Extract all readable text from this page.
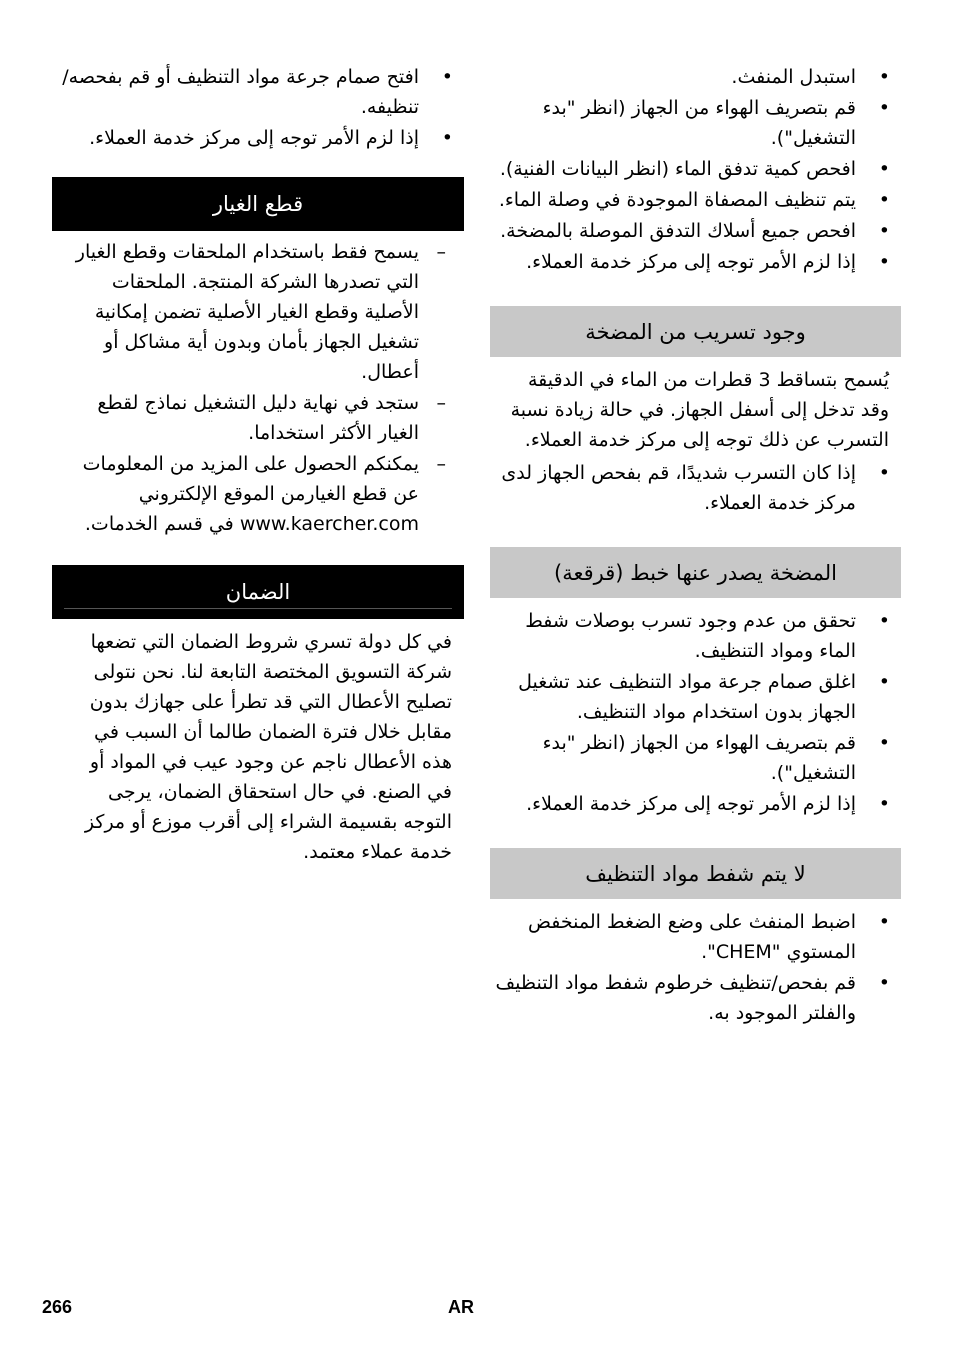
• استبدل المنفث.
• قم بتصريف الهواء من الجهاز (انظر "بدء التشغيل").
• افحص كمية تدفق الماء (انظر البيانات الفنية).
• يتم تنظيف المصفاة الموجودة في وصلة الماء.
• افحص جميع أسلاك التدفق الموصلة بالمضخة.
• إذا لزم الأمر توجه إلى مركز خدمة العملاء.
وجود تسريب من المضخة

يُسمح بتساقط 3 قطرات من الماء في الدقيقة وقد تدخل إلى أسفل الجهاز. في حالة زيادة نسبة التسرب عن ذلك توجه إلى مركز خدمة العملاء.

• إذا كان التسرب شديدًا، قم بفحص الجهاز لدى مركز خدمة العملاء.
المضخة يصدر عنها خبط (قرقعة)
• تحقق من عدم وجود تسرب بوصلات شفط الماء ومواد التنظيف.
• اغلق صمام جرعة مواد التنظيف عند تشغيل الجهاز بدون استخدام مواد التنظيف.
• قم بتصريف الهواء من الجهاز (انظر "بدء التشغيل").
• إذا لزم الأمر توجه إلى مركز خدمة العملاء.
لا يتم شفط مواد التنظيف
• اضبط المنفث على وضع الضغط المنخفض المستوي "CHEM".
• قم بفحص/تنظيف خرطوم شفط مواد التنظيف والفلتر الموجود به.
• افتح صمام جرعة مواد التنظيف أو قم بفحصه/تنظيفه.
• إذا لزم الأمر توجه إلى مركز خدمة العملاء.
قطع الغيار
– يسمح فقط باستخدام الملحقات وقطع الغيار التي تصدرها الشركة المنتجة. الملحقات الأصلية وقطع الغيار الأصلية تضمن إمكانية تشغيل الجهاز بأمان وبدون أية مشاكل أو أعطال.
– ستجد في نهاية دليل التشغيل نماذج لقطع الغيار الأكثر استخداما.
– يمكنكم الحصول على المزيد من المعلومات عن قطع الغيارمن الموقع الإلكتروني www.kaercher.com في قسم الخدمات.
الضمان

في كل دولة تسري شروط الضمان التي تضعها شركة التسويق المختصة التابعة لنا. نحن نتولى تصليح الأعطال التي قد تطرأ على جهازك بدون مقابل خلال فترة الضمان طالما أن السبب في هذه الأعطال ناجم عن وجود عيب في المواد أو في الصنع. في حال استحقاق الضمان، يرجى التوجه بقسيمة الشراء إلى أقرب موزع أو مركز خدمة عملاء معتمد.

266	AR
